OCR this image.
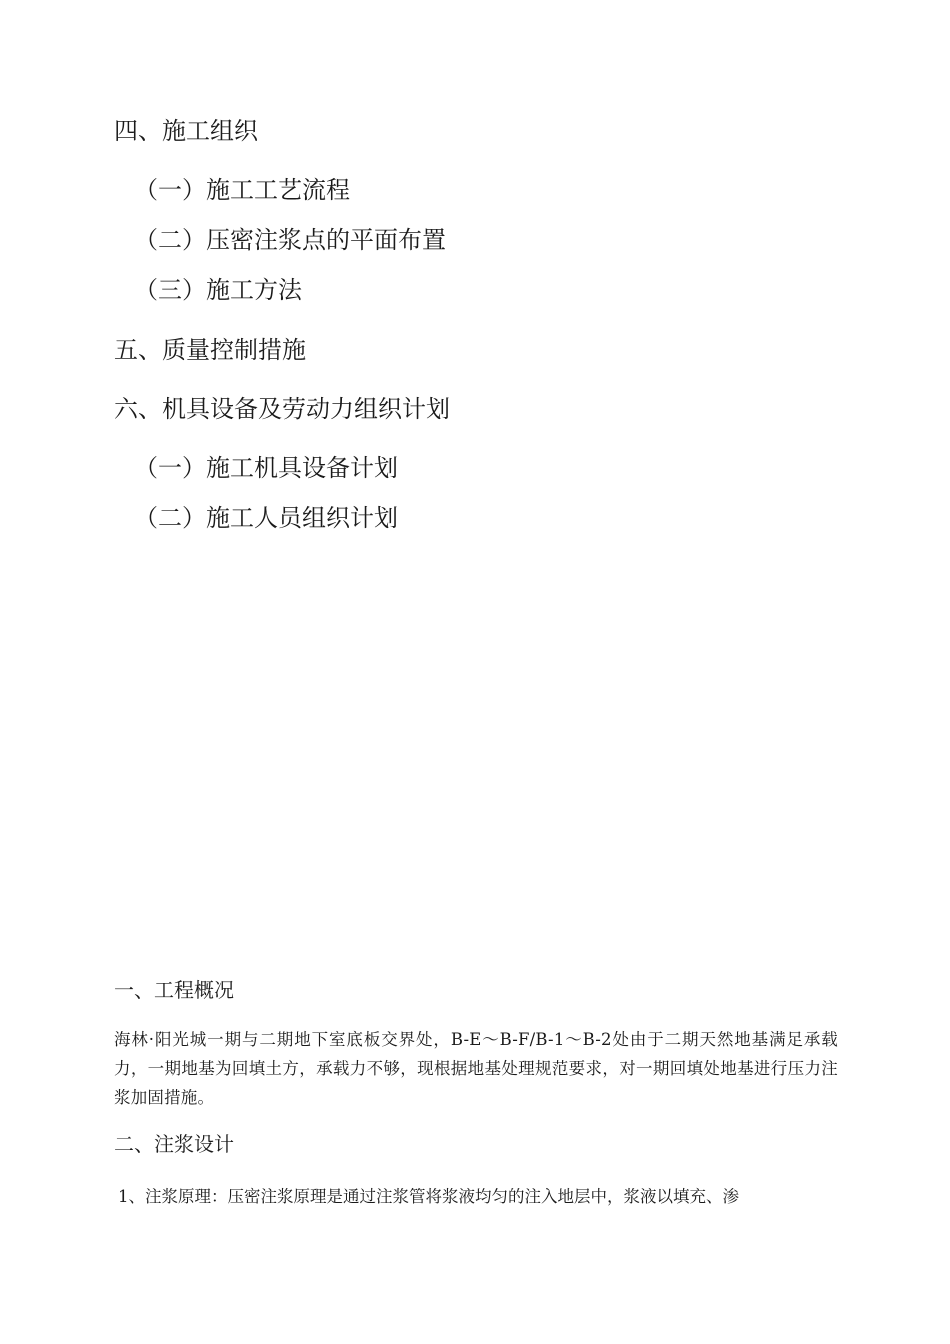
四、施工组织
（一）施工工艺流程
（二）压密注浆点的平面布置
（三）施工方法
五、质量控制措施
六、机具设备及劳动力组织计划
（一）施工机具设备计划
（二）施工人员组织计划
一、工程概况
海林·阳光城一期与二期地下室底板交界处，B-E～B-F/B-1～B-2处由于二期天然地基满足承载力，一期地基为回填土方，承载力不够，现根据地基处理规范要求，对一期回填处地基进行压力注浆加固措施。
二、注浆设计
1、注浆原理：压密注浆原理是通过注浆管将浆液均匀的注入地层中，浆液以填充、渗
